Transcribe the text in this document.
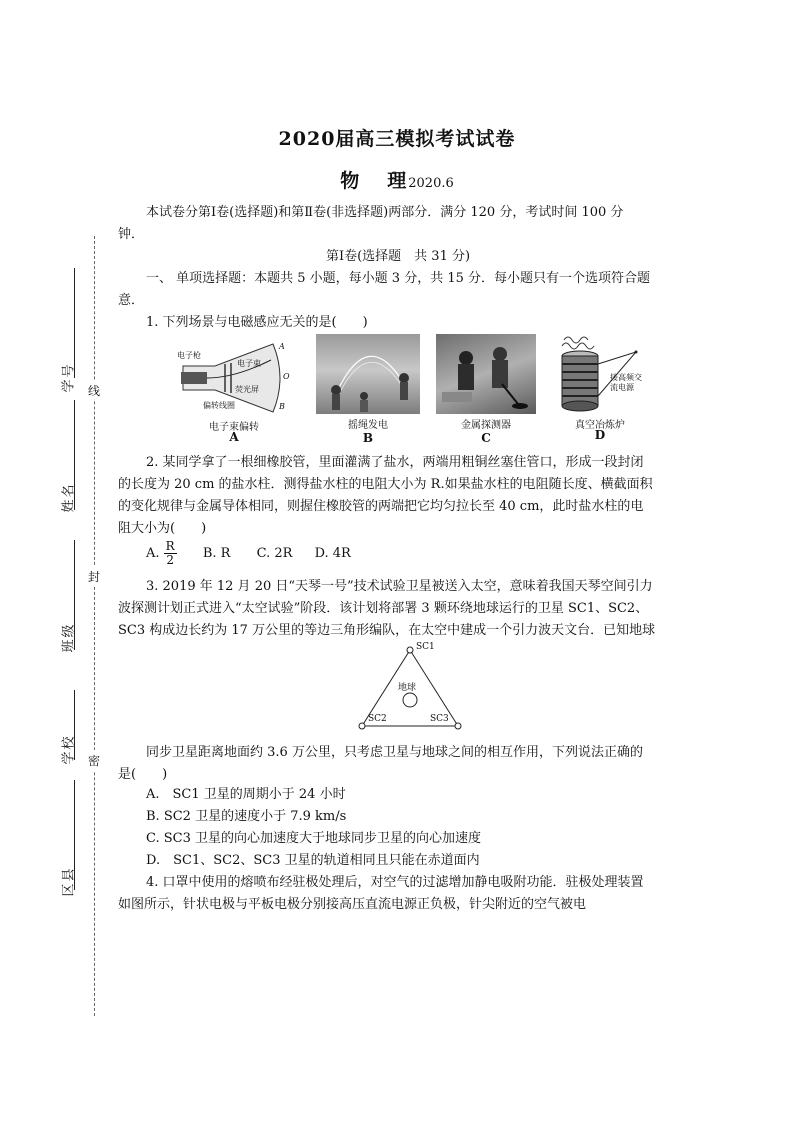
线
封
密
学号
姓名
班级
学校
区县
2020届高三模拟考试试卷
物理 2020.6

本试卷分第Ⅰ卷(选择题)和第Ⅱ卷(非选择题)两部分．满分 120 分，考试时间 100 分

钟．

第Ⅰ卷(选择题　共 31 分)

一、 单项选择题：本题共 5 小题，每小题 3 分，共 15 分．每小题只有一个选项符合题

意．

1. 下列场景与电磁感应无关的是(　　)

电子枪
电子束
荧光屏
偏转线圈
A
O
B
电子束偏转
A
摇绳发电
B
金属探测器
C
接高频交
流电源
真空冶炼炉
D

2. 某同学拿了一根细橡胶管，里面灌满了盐水，两端用粗铜丝塞住管口，形成一段封闭

的长度为 20 cm 的盐水柱．测得盐水柱的电阻大小为 R.如果盐水柱的电阻随长度、横截面积

的变化规律与金属导体相同，则握住橡胶管的两端把它均匀拉长至 40 cm，此时盐水柱的电

阻大小为(　　)

A. $\frac{R}{2} B$. R C. 2R D. 4R

3. 2019 年 12 月 20 日“天琴一号”技术试验卫星被送入太空，意味着我国天琴空间引力

波探测计划正式进入“太空试验”阶段．该计划将部署 3 颗环绕地球运行的卫星 SC1、SC2、

SC3 构成边长约为 17 万公里的等边三角形编队，在太空中建成一个引力波天文台．已知地球

SC1
地球
SC2	SC3

同步卫星距离地面约 3.6 万公里，只考虑卫星与地球之间的相互作用，下列说法正确的

是(　　)

A.　SC1 卫星的周期小于 24 小时

B. SC2 卫星的速度小于 7.9 km/s

C. SC3 卫星的向心加速度大于地球同步卫星的向心加速度

D.　SC1、SC2、SC3 卫星的轨道相同且只能在赤道面内

4. 口罩中使用的熔喷布经驻极处理后，对空气的过滤增加静电吸附功能．驻极处理装置

如图所示，针状电极与平板电极分别接高压直流电源正负极，针尖附近的空气被电
